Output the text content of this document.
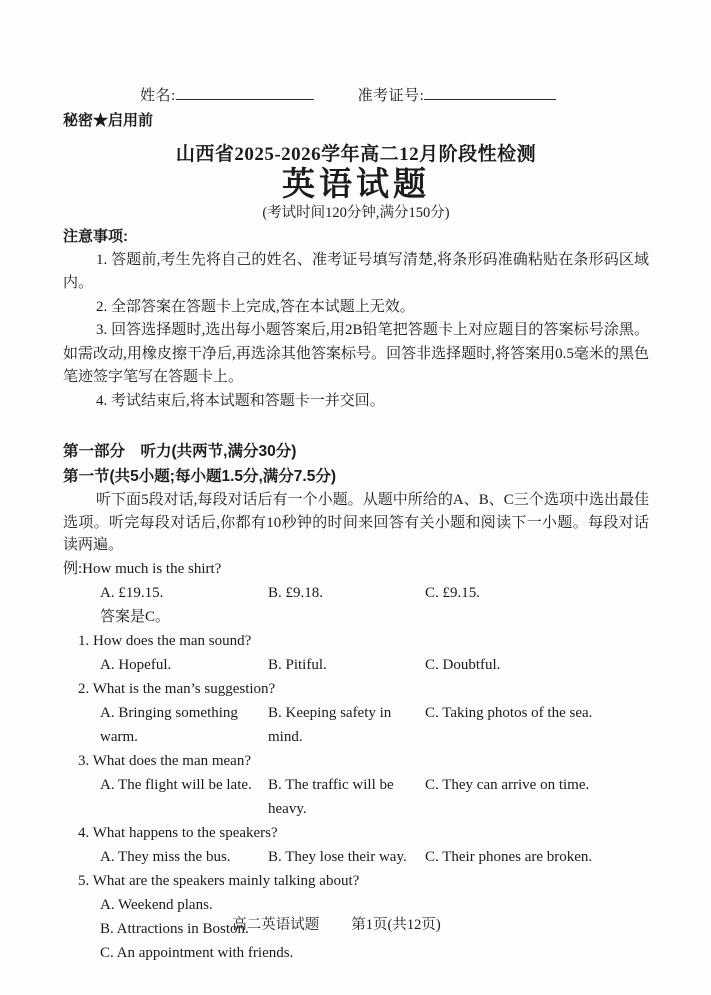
姓名:	准考证号:
秘密★启用前
山西省2025-2026学年高二12月阶段性检测
英语试题
(考试时间120分钟,满分150分)
注意事项:

1. 答题前,考生先将自己的姓名、准考证号填写清楚,将条形码准确粘贴在条形码区域内。

2. 全部答案在答题卡上完成,答在本试题上无效。

3. 回答选择题时,选出每小题答案后,用2B铅笔把答题卡上对应题目的答案标号涂黑。如需改动,用橡皮擦干净后,再选涂其他答案标号。回答非选择题时,将答案用0.5毫米的黑色笔迹签字笔写在答题卡上。

4. 考试结束后,将本试题和答题卡一并交回。

第一部分　听力(共两节,满分30分)
第一节(共5小题;每小题1.5分,满分7.5分)

听下面5段对话,每段对话后有一个小题。从题中所给的A、B、C三个选项中选出最佳选项。听完每段对话后,你都有10秒钟的时间来回答有关小题和阅读下一小题。每段对话读两遍。

例:How much is the shirt?
A. £19.15.	B. £9.18.	C. £9.15.
答案是C。
1. How does the man sound?
A. Hopeful.	B. Pitiful.	C. Doubtful.
2. What is the man’s suggestion?
A. Bringing something warm.
B. Keeping safety in mind.
C. Taking photos of the sea.
3. What does the man mean?
A. The flight will be late.	B. The traffic will be heavy.
C. They can arrive on time.
4. What happens to the speakers?
A. They miss the bus.	B. They lose their way.	C. Their phones are broken.
5. What are the speakers mainly talking about?
A. Weekend plans.
B. Attractions in Boston.
C. An appointment with friends.
高二英语试题 第1页(共12页)
